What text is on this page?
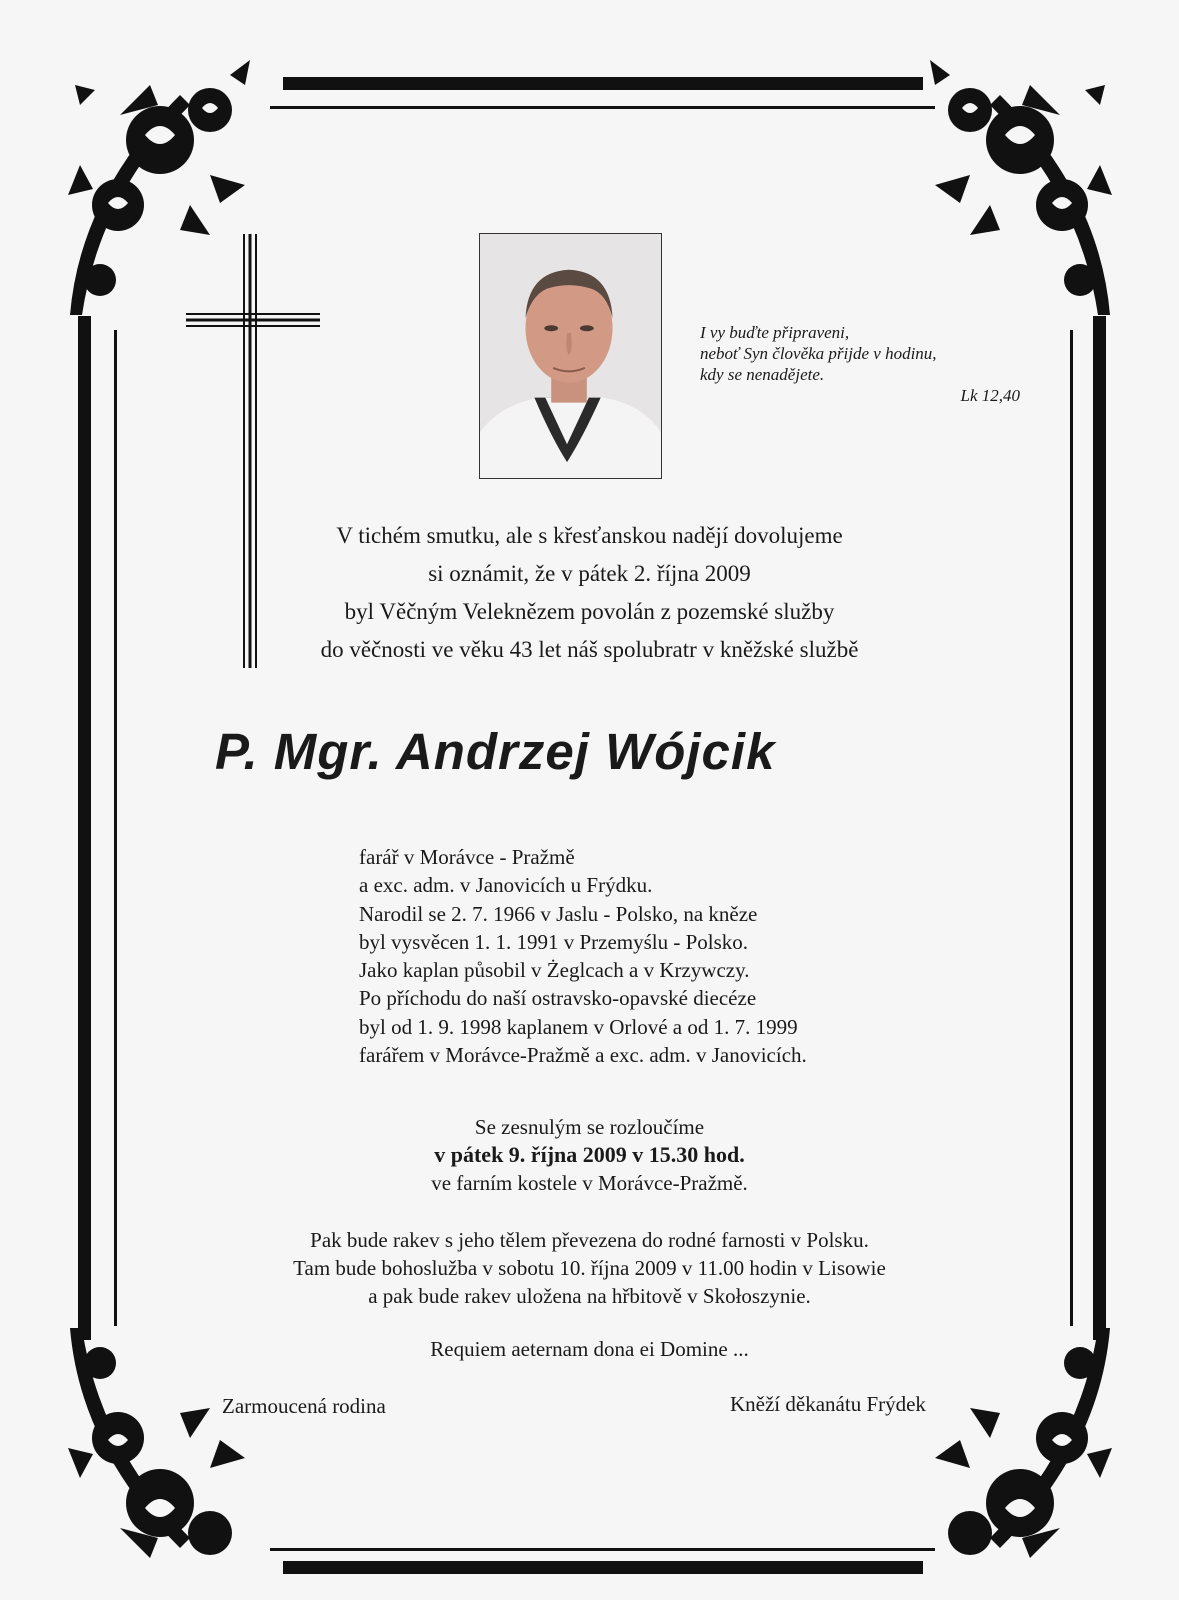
I vy buďte připraveni,
neboť Syn člověka přijde v hodinu,
kdy se nenadějete.
Lk 12,40
V tichém smutku, ale s křesťanskou nadějí dovolujeme
si oznámit, že v pátek 2. října 2009
byl Věčným Veleknězem povolán z pozemské služby
do věčnosti ve věku 43 let náš spolubratr v kněžské službě
P. Mgr. Andrzej Wójcik
farář v Morávce - Pražmě
a exc. adm. v Janovicích u Frýdku.
Narodil se 2. 7. 1966 v Jaslu - Polsko, na kněze
byl vysvěcen 1. 1. 1991 v Przemyślu - Polsko.
Jako kaplan působil v Żeglcach a v Krzywczy.
Po příchodu do naší ostravsko-opavské diecéze
byl od 1. 9. 1998 kaplanem v Orlové a od 1. 7. 1999
farářem v Morávce-Pražmě a exc. adm. v Janovicích.
Se zesnulým se rozloučíme
v pátek 9. října 2009 v 15.30 hod.
ve farním kostele v Morávce-Pražmě.
Pak bude rakev s jeho tělem převezena do rodné farnosti v Polsku.
Tam bude bohoslužba v sobotu 10. října 2009 v 11.00 hodin v Lisowie
a pak bude rakev uložena na hřbitově v Skołoszynie.
Requiem aeternam dona ei Domine ...
Zarmoucená rodina	Kněží děkanátu Frýdek
